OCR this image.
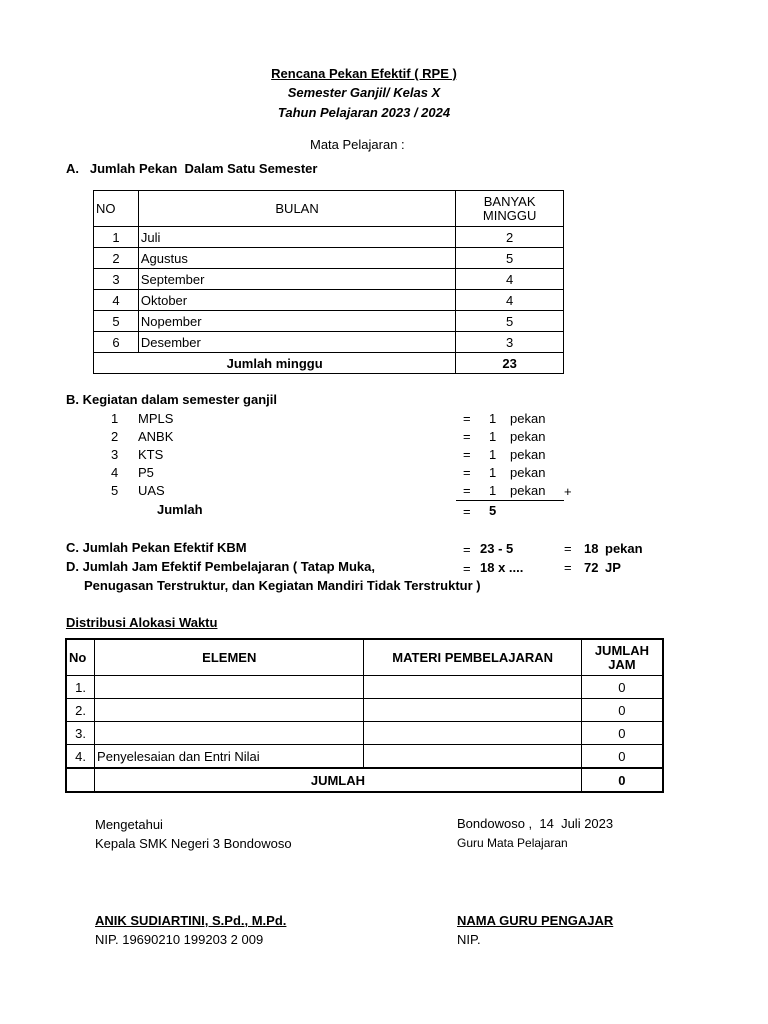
Rencana Pekan Efektif ( RPE )
Semester Ganjil/ Kelas X
Tahun Pelajaran 2023 / 2024
Mata Pelajaran :
A.   Jumlah Pekan  Dalam Satu Semester
NO	BULAN	BANYAK
MINGGU
1	Juli	2
2	Agustus	5
3	September	4
4	Oktober	4
5	Nopember	5
6	Desember	3
Jumlah minggu		23
B. Kegiatan dalam semester ganjil
1 MPLS	= 1 pekan
2 ANBK	= 1 pekan
3 KTS	= 1 pekan
4 P5	= 1 pekan
5 UAS	= 1 pekan +
Jumlah	= 5
C. Jumlah Pekan Efektif KBM	= 23 - 5	= 18 pekan
D. Jumlah Jam Efektif Pembelajaran ( Tatap Muka,
Penugasan Terstruktur, dan Kegiatan Mandiri Tidak Terstruktur )
= 18 x ....	= 72 JP
Distribusi Alokasi Waktu
No	ELEMEN	MATERI PEMBELAJARAN	JUMLAH
JAM
1.			0
2.			0
3.			0
4.	Penyelesaian dan Entri Nilai		0
	JUMLAH		0
Mengetahui
Kepala SMK Negeri 3 Bondowoso
ANIK SUDIARTINI, S.Pd., M.Pd.
NIP. 19690210 199203 2 009
Bondowoso ,  14  Juli 2023
Guru Mata Pelajaran
NAMA GURU PENGAJAR
NIP.
